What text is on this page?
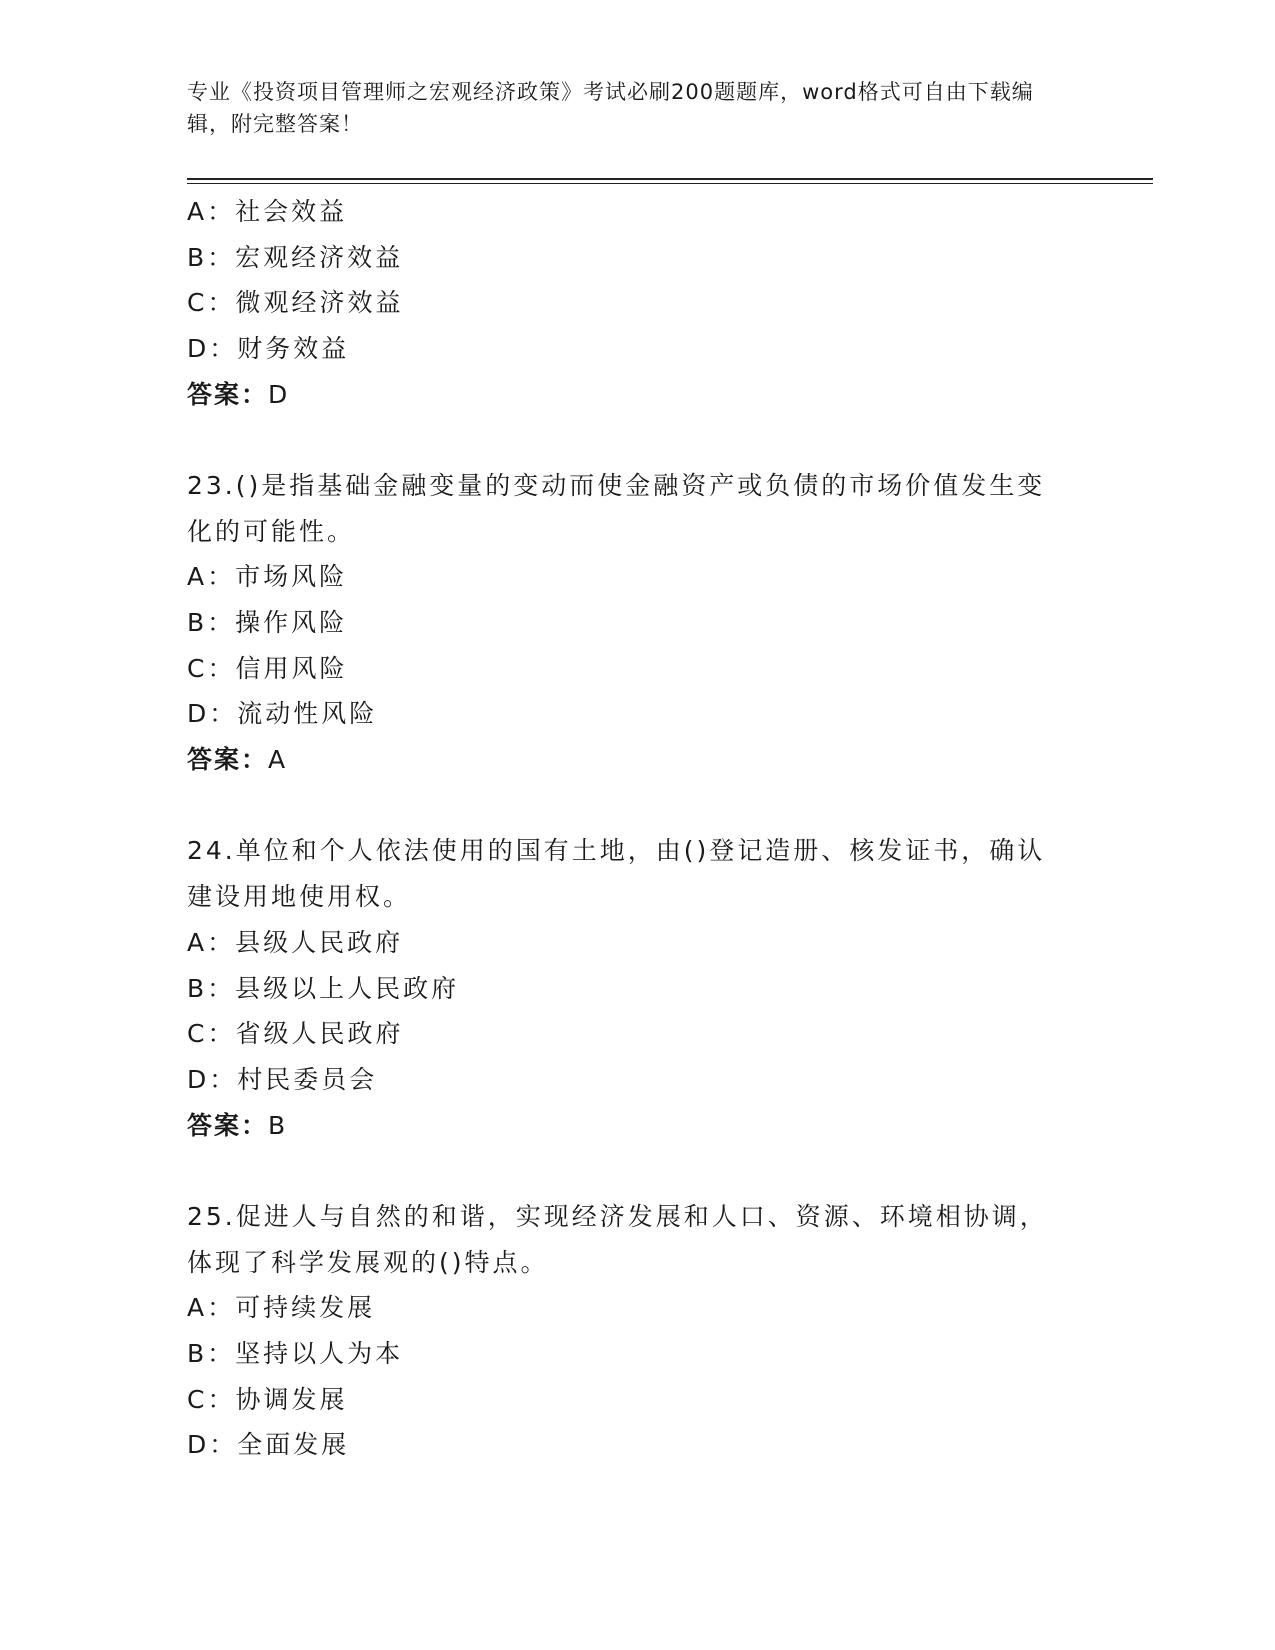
专业《投资项目管理师之宏观经济政策》考试必刷200题题库，word格式可自由下载编辑，附完整答案！
A：社会效益
B：宏观经济效益
C：微观经济效益
D：财务效益
答案：D
23.()是指基础金融变量的变动而使金融资产或负债的市场价值发生变
化的可能性。
A：市场风险
B：操作风险
C：信用风险
D：流动性风险
答案：A
24.单位和个人依法使用的国有土地，由()登记造册、核发证书，确认
建设用地使用权。
A：县级人民政府
B：县级以上人民政府
C：省级人民政府
D：村民委员会
答案：B
25.促进人与自然的和谐，实现经济发展和人口、资源、环境相协调，
体现了科学发展观的()特点。
A：可持续发展
B：坚持以人为本
C：协调发展
D：全面发展
